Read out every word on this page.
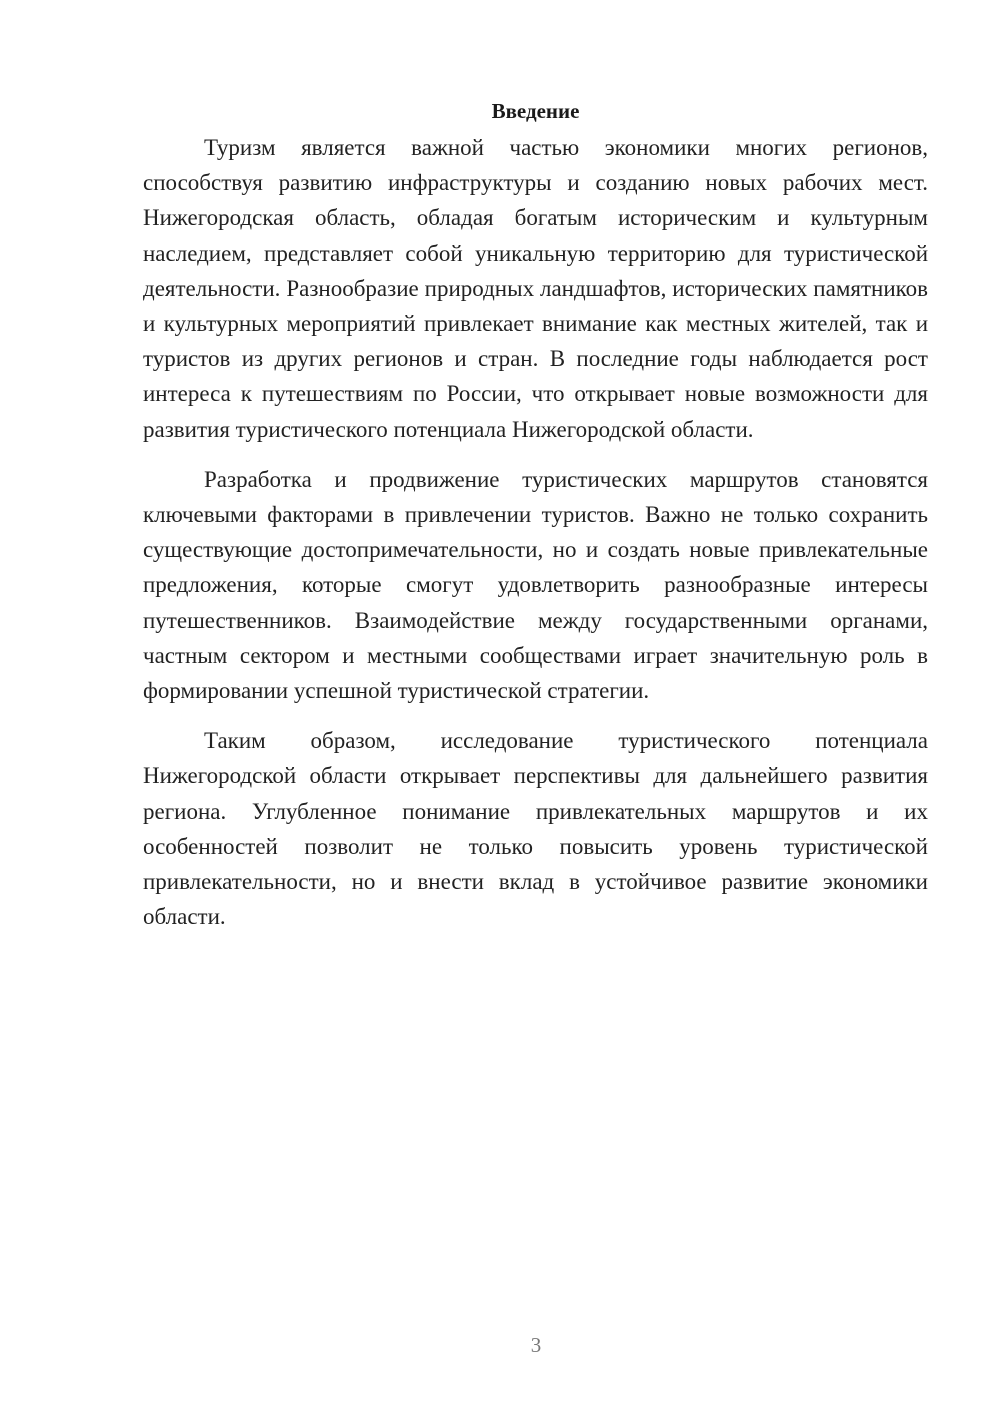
Введение

Туризм является важной частью экономики многих регионов, способствуя развитию инфраструктуры и созданию новых рабочих мест. Нижегородская область, обладая богатым историческим и культурным наследием, представляет собой уникальную территорию для туристической деятельности. Разнообразие природных ландшафтов, исторических памятников и культурных мероприятий привлекает внимание как местных жителей, так и туристов из других регионов и стран. В последние годы наблюдается рост интереса к путешествиям по России, что открывает новые возможности для развития туристического потенциала Нижегородской области.

Разработка и продвижение туристических маршрутов становятся ключевыми факторами в привлечении туристов. Важно не только сохранить существующие достопримечательности, но и создать новые привлекательные предложения, которые смогут удовлетворить разнообразные интересы путешественников. Взаимодействие между государственными органами, частным сектором и местными сообществами играет значительную роль в формировании успешной туристической стратегии.

Таким образом, исследование туристического потенциала Нижегородской области открывает перспективы для дальнейшего развития региона. Углубленное понимание привлекательных маршрутов и их особенностей позволит не только повысить уровень туристической привлекательности, но и внести вклад в устойчивое развитие экономики области.

3
